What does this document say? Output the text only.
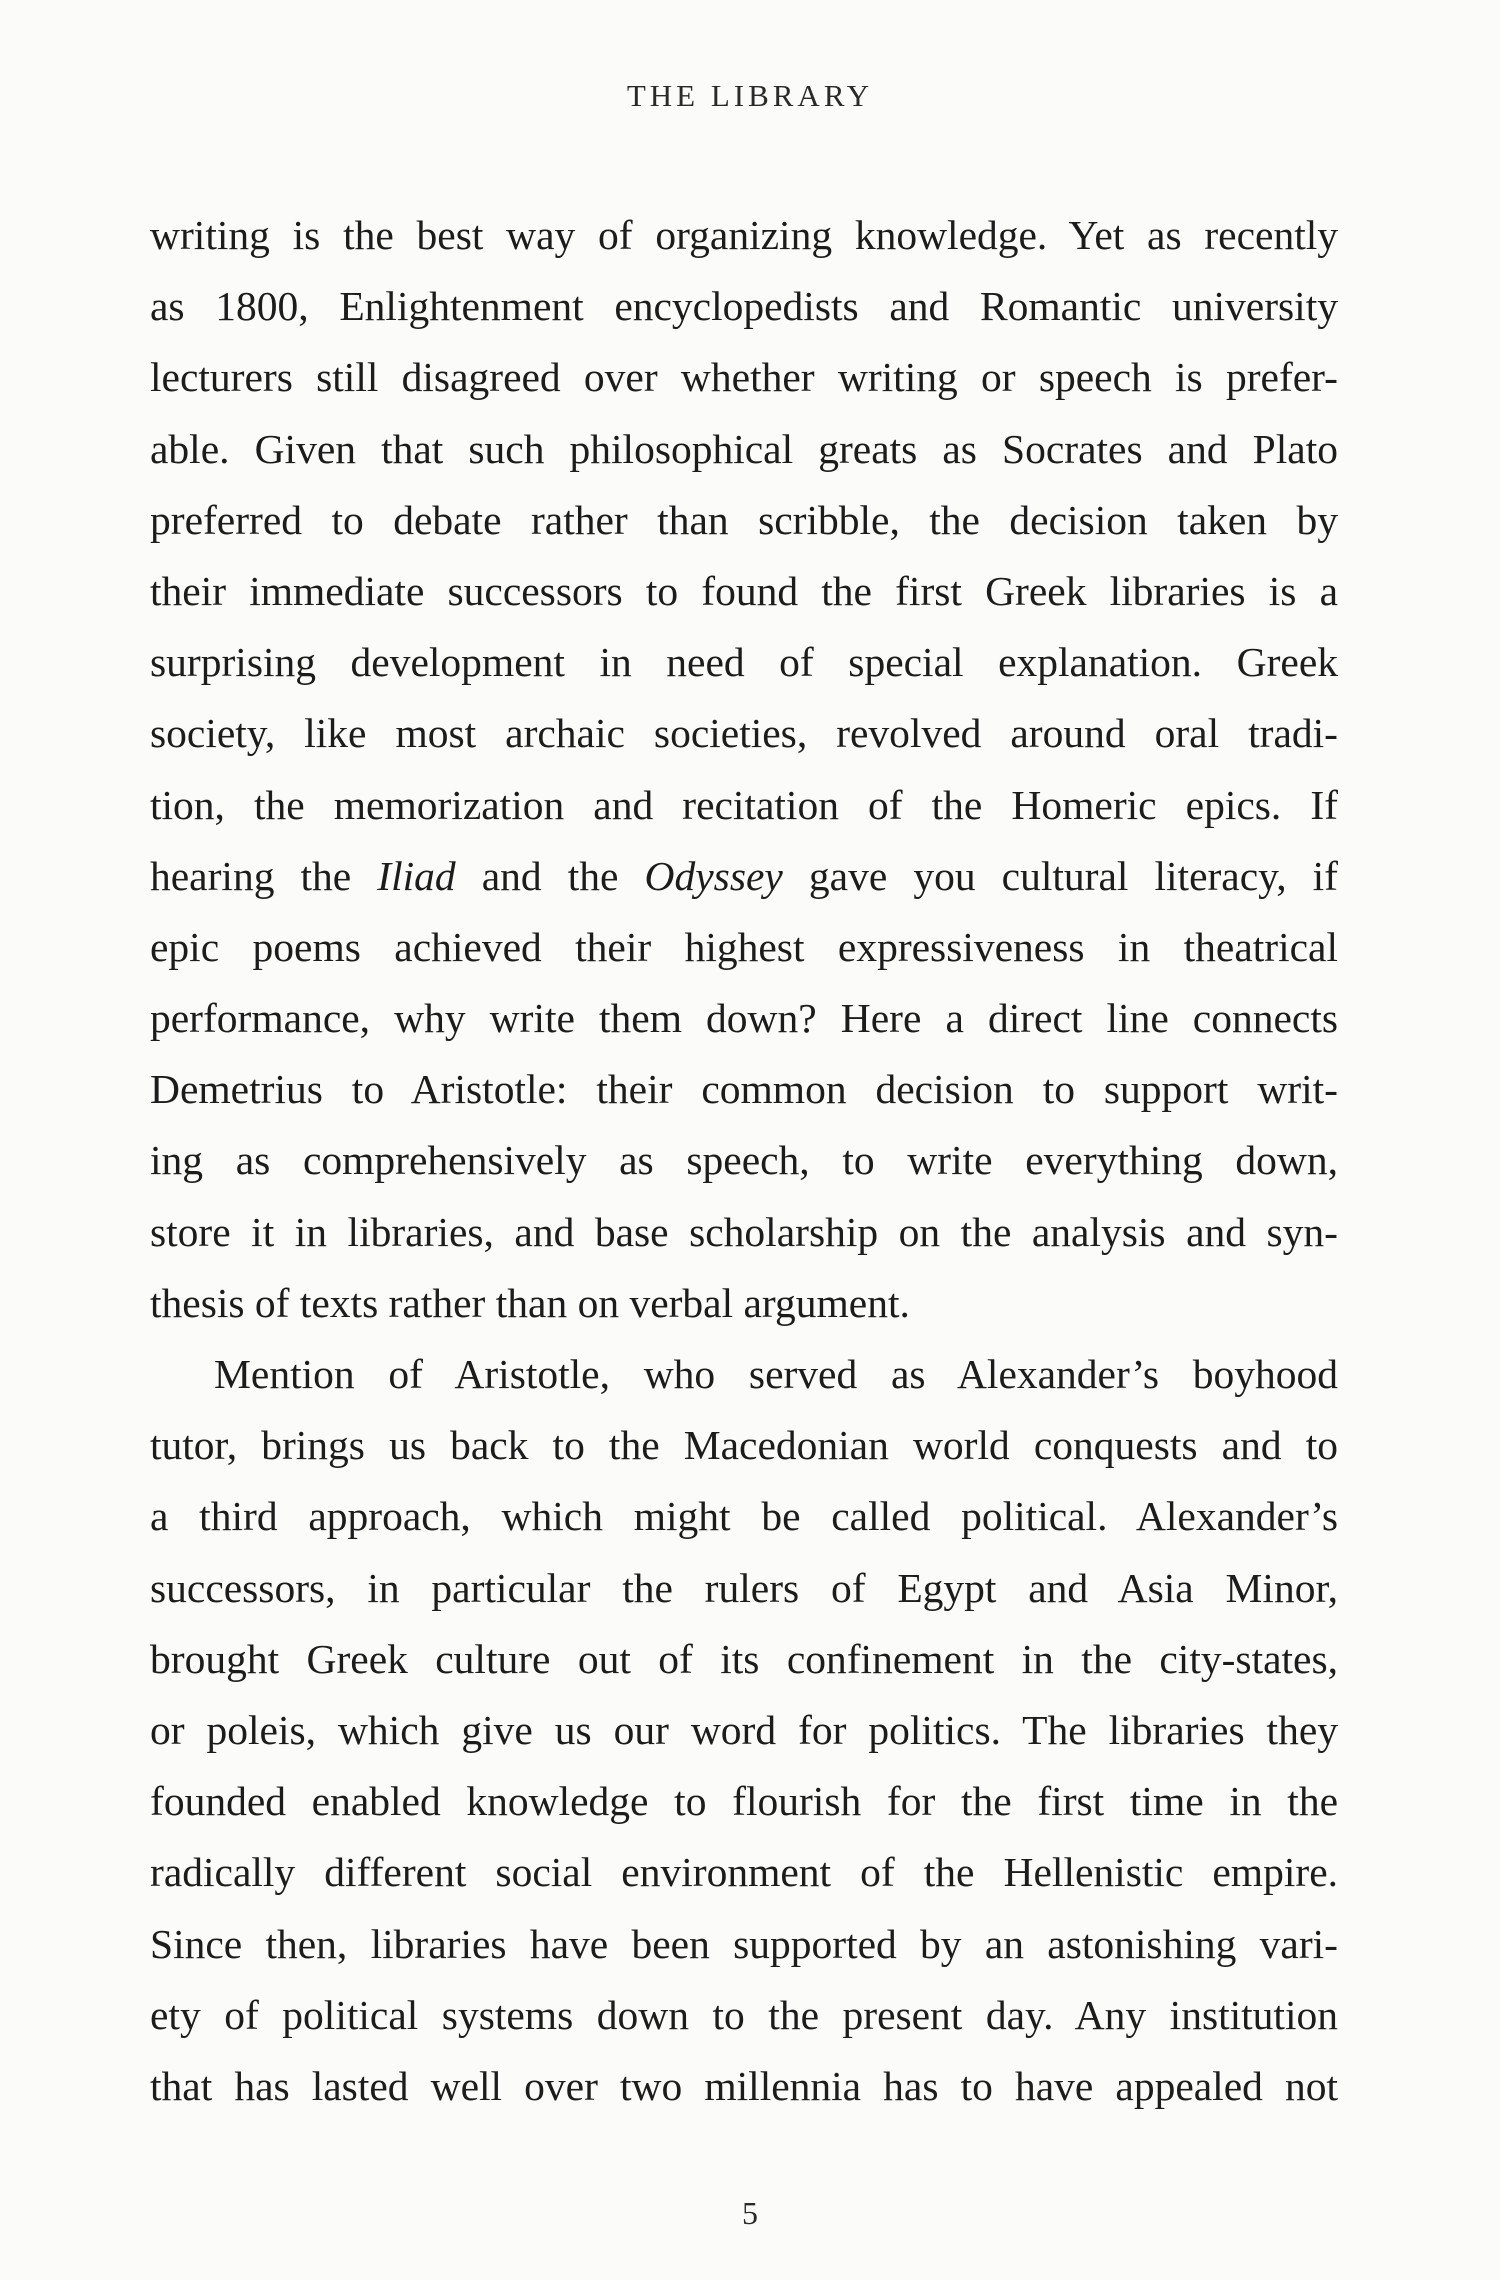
THE LIBRARY
writing is the best way of organizing knowledge. Yet as recently
as 1800, Enlightenment encyclopedists and Romantic university
lecturers still disagreed over whether writing or speech is prefer-
able. Given that such philosophical greats as Socrates and Plato
preferred to debate rather than scribble, the decision taken by
their immediate successors to found the first Greek libraries is a
surprising development in need of special explanation. Greek
society, like most archaic societies, revolved around oral tradi-
tion, the memorization and recitation of the Homeric epics. If
hearing the Iliad and the Odyssey gave you cultural literacy, if
epic poems achieved their highest expressiveness in theatrical
performance, why write them down? Here a direct line connects
Demetrius to Aristotle: their common decision to support writ-
ing as comprehensively as speech, to write everything down,
store it in libraries, and base scholarship on the analysis and syn-
thesis of texts rather than on verbal argument.
Mention of Aristotle, who served as Alexander’s boyhood
tutor, brings us back to the Macedonian world conquests and to
a third approach, which might be called political. Alexander’s
successors, in particular the rulers of Egypt and Asia Minor,
brought Greek culture out of its confinement in the city-states,
or poleis, which give us our word for politics. The libraries they
founded enabled knowledge to flourish for the first time in the
radically different social environment of the Hellenistic empire.
Since then, libraries have been supported by an astonishing vari-
ety of political systems down to the present day. Any institution
that has lasted well over two millennia has to have appealed not
5
